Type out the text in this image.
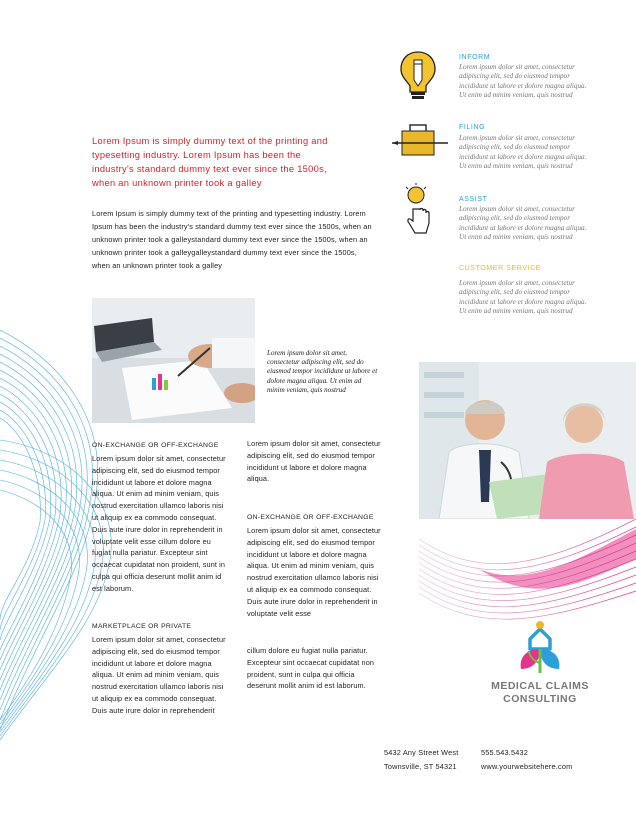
Lorem Ipsum is simply dummy text of the printing and typesetting industry. Lorem Ipsum has been the industry's standard dummy text ever since the 1500s, when an unknown printer took a galley
Lorem Ipsum is simply dummy text of the printing and typesetting industry. Lorem Ipsum has been the industry's standard dummy text ever since the 1500s, when an unknown printer took a galleystandard dummy text ever since the 1500s, when an unknown printer took a galleygalleystandard dummy text ever since the 1500s, when an unknown printer took a galley
Lorem ipsum dolor sit amet, consectetur adipiscing elit, sed do eiusmod tempor incididunt ut labore et dolore magna aliqua. Ut enim ad minim veniam, quis nostrud
ON-EXCHANGE OR OFF-EXCHANGE
Lorem ipsum dolor sit amet, consectetur adipiscing elit, sed do eiusmod tempor incididunt ut labore et dolore magna aliqua. Ut enim ad minim veniam, quis nostrud exercitation ullamco laboris nisi ut aliquip ex ea commodo consequat. Duis aute irure dolor in reprehenderit in voluptate velit esse cillum dolore eu fugiat nulla pariatur. Excepteur sint occaecat cupidatat non proident, sunt in culpa qui officia deserunt mollit anim id est laborum.
MARKETPLACE OR PRIVATE
Lorem ipsum dolor sit amet, consectetur adipiscing elit, sed do eiusmod tempor incididunt ut labore et dolore magna aliqua. Ut enim ad minim veniam, quis nostrud exercitation ullamco laboris nisi ut aliquip ex ea commodo consequat. Duis aute irure dolor in reprehenderit
Lorem ipsum dolor sit amet, consectetur adipiscing elit, sed do eiusmod tempor incididunt ut labore et dolore magna aliqua.
ON-EXCHANGE OR OFF-EXCHANGE
Lorem ipsum dolor sit amet, consectetur adipiscing elit, sed do eiusmod tempor incididunt ut labore et dolore magna aliqua. Ut enim ad minim veniam, quis nostrud exercitation ullamco laboris nisi ut aliquip ex ea commodo consequat. Duis aute irure dolor in reprehenderit in voluptate velit esse
cillum dolore eu fugiat nulla pariatur. Excepteur sint occaecat cupidatat non proident, sunt in culpa qui officia deserunt mollit anim id est laborum.
INFORM
Lorem ipsum dolor sit amet, consectetur adipiscing elit, sed do eiusmod tempor incididunt ut labore et dolore magna aliqua. Ut enim ad minim veniam, quis nostrud
FILING
Lorem ipsum dolor sit amet, consectetur adipiscing elit, sed do eiusmod tempor incididunt ut labore et dolore magna aliqua. Ut enim ad minim veniam, quis nostrud
ASSIST
Lorem ipsum dolor sit amet, consectetur adipiscing elit, sed do eiusmod tempor incididunt ut labore et dolore magna aliqua. Ut enim ad minim veniam, quis nostrud
CUSTOMER SERVICE
Lorem ipsum dolor sit amet, consectetur adipiscing elit, sed do eiusmod tempor incididunt ut labore et dolore magna aliqua. Ut enim ad minim veniam, quis nostrud
MEDICAL CLAIMS
CONSULTING
5432 Any Street West
Townsville, ST 54321
555.543.5432
www.yourwebsitehere.com
